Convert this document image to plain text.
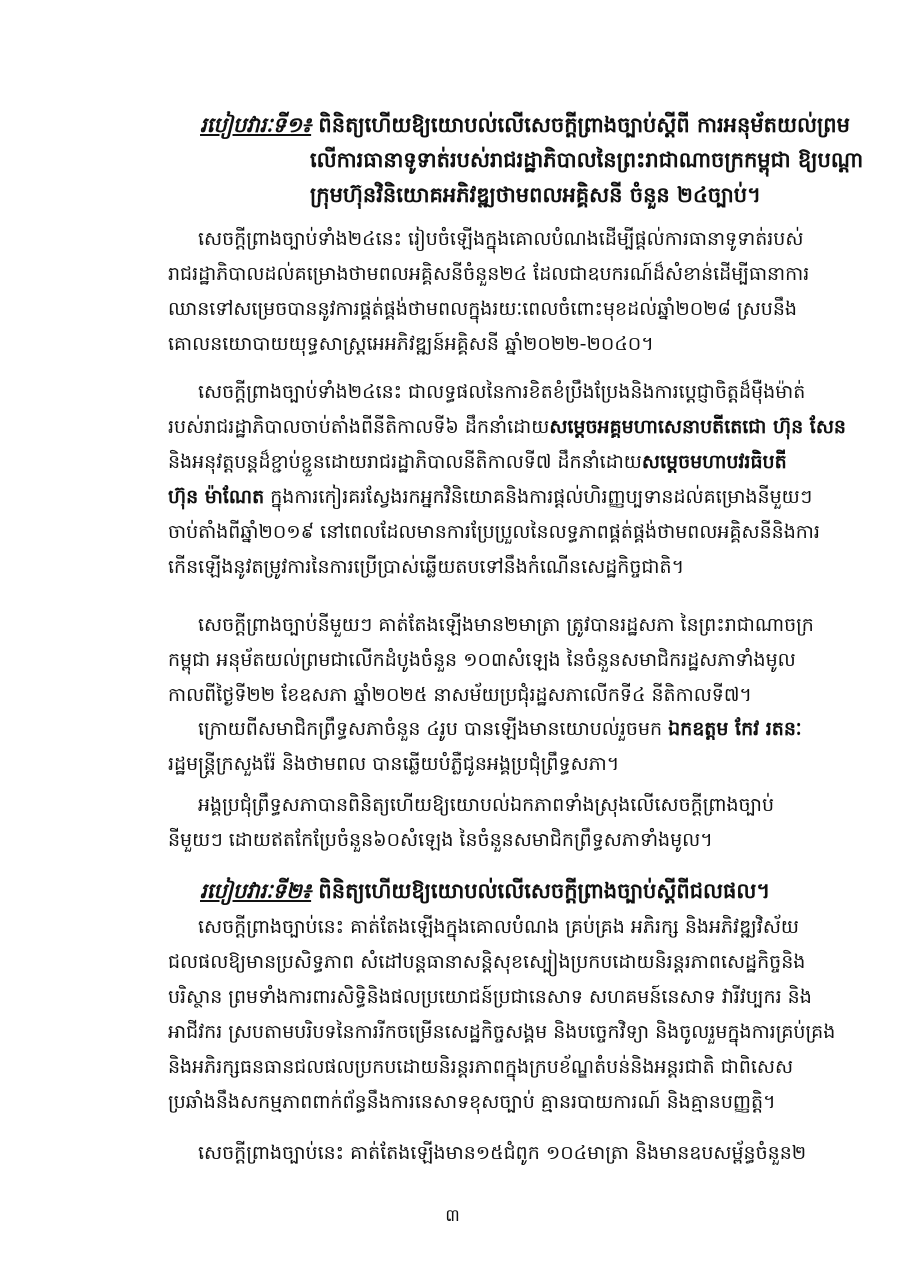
របៀបវារៈទី១៖ ពិនិត្យហើយឱ្យយោបល់លើសេចក្តីព្រាងច្បាប់ស្តីពី ការអនុម័តយល់ព្រម
លើការធានាទូទាត់របស់រាជរដ្ឋាភិបាលនៃព្រះរាជាណាចក្រកម្ពុជា ឱ្យបណ្តា
ក្រុមហ៊ុនវិនិយោគអភិវឌ្ឍថាមពលអគ្គិសនី ចំនួន ២៤ច្បាប់។

សេចក្តីព្រាងច្បាប់ទាំង២៤នេះ រៀបចំឡើងក្នុងគោលបំណងដើម្បីផ្តល់ការធានាទូទាត់របស់
រាជរដ្ឋាភិបាលដល់គម្រោងថាមពលអគ្គិសនីចំនួន២៤ ដែលជាឧបករណ៍ដ៏សំខាន់ដើម្បីធានាការ
ឈានទៅសម្រេចបាននូវការផ្គត់ផ្គង់ថាមពលក្នុងរយៈពេលចំពោះមុខដល់ឆ្នាំ២០២៨ ស្របនឹង
គោលនយោបាយយុទ្ធសាស្ត្រអេអភិវឌ្ឍន៍អគ្គិសនី ឆ្នាំ២០២២-២០៤០។

សេចក្តីព្រាងច្បាប់ទាំង២៤នេះ ជាលទ្ធផលនៃការខិតខំប្រឹងប្រែងនិងការប្តេជ្ញាចិត្តដ៏មុឺងម៉ាត់
របស់រាជរដ្ឋាភិបាលចាប់តាំងពីនីតិកាលទី៦ ដឹកនាំដោយសម្តេចអគ្គមហាសេនាបតីតេជោ ហ៊ុន សែន
និងអនុវត្តបន្តដ៏ខ្ជាប់ខ្ជួនដោយរាជរដ្ឋាភិបាលនីតិកាលទី៧ ដឹកនាំដោយសម្តេចមហាបវរធិបតី
ហ៊ុន ម៉ាណែត ក្នុងការកៀរគរស្វែងរកអ្នកវិនិយោគនិងការផ្តល់ហិរញ្ញប្បទានដល់គម្រោងនីមួយៗ
ចាប់តាំងពីឆ្នាំ២០១៩ នៅពេលដែលមានការប្រែប្រួលនៃលទ្ធភាពផ្គត់ផ្គង់ថាមពលអគ្គិសនីនិងការ
កើនឡើងនូវតម្រូវការនៃការប្រើប្រាស់ឆ្លើយតបទៅនឹងកំណើនសេដ្ឋកិច្ចជាតិ។

សេចក្តីព្រាងច្បាប់នីមួយៗ គាត់តែងឡើងមាន២មាត្រា ត្រូវបានរដ្ឋសភា នៃព្រះរាជាណាចក្រ
កម្ពុជា អនុម័តយល់ព្រមជាលើកដំបូងចំនួន ១០៣សំឡេង នៃចំនួនសមាជិករដ្ឋសភាទាំងមូល
កាលពីថ្ងៃទី២២ ខែឧសភា ឆ្នាំ២០២៥ នាសម័យប្រជុំរដ្ឋសភាលើកទី៤ នីតិកាលទី៧។

ក្រោយពីសមាជិកព្រឹទ្ធសភាចំនួន ៤រូប បានឡើងមានយោបល់រួចមក ឯកឧត្តម កែវ រតនៈ
រដ្ឋមន្ត្រីក្រសួងរ៉ែ និងថាមពល បានឆ្លើយបំភ្លឺជូនអង្គប្រជុំព្រឹទ្ធសភា។

អង្គប្រជុំព្រឹទ្ធសភាបានពិនិត្យហើយឱ្យយោបល់ឯកភាពទាំងស្រុងលើសេចក្តីព្រាងច្បាប់
នីមួយៗ ដោយឥតកែប្រែចំនួន៦០សំឡេង នៃចំនួនសមាជិកព្រឹទ្ធសភាទាំងមូល។

របៀបវារៈទី២៖ ពិនិត្យហើយឱ្យយោបល់លើសេចក្តីព្រាងច្បាប់ស្តីពីជលផល។

សេចក្តីព្រាងច្បាប់នេះ គាត់តែងឡើងក្នុងគោលបំណង គ្រប់គ្រង អភិរក្ស និងអភិវឌ្ឍវិស័យ
ជលផលឱ្យមានប្រសិទ្ធភាព សំដៅបន្តធានាសន្តិសុខស្បៀងប្រកបដោយនិរន្តរភាពសេដ្ឋកិច្ចនិង
បរិស្ថាន ព្រមទាំងការពារសិទ្ធិនិងផលប្រយោជន៍ប្រជានេសាទ សហគមន៍នេសាទ វារីវប្បករ និង
អាជីវករ ស្របតាមបរិបទនៃការរីកចម្រើនសេដ្ឋកិច្ចសង្គម និងបច្ចេកវិទ្យា និងចូលរួមក្នុងការគ្រប់គ្រង
និងអភិរក្សធនធានជលផលប្រកបដោយនិរន្តរភាពក្នុងក្របខ័ណ្ឌតំបន់និងអន្តរជាតិ ជាពិសេស
ប្រឆាំងនឹងសកម្មភាពពាក់ព័ន្ធនឹងការនេសាទខុសច្បាប់ គ្មានរបាយការណ៍ និងគ្មានបញ្ញត្តិ។

សេចក្តីព្រាងច្បាប់នេះ គាត់តែងឡើងមាន១៥ជំពូក ១០៤មាត្រា និងមានឧបសម្ព័ន្ធចំនួន២

៣
